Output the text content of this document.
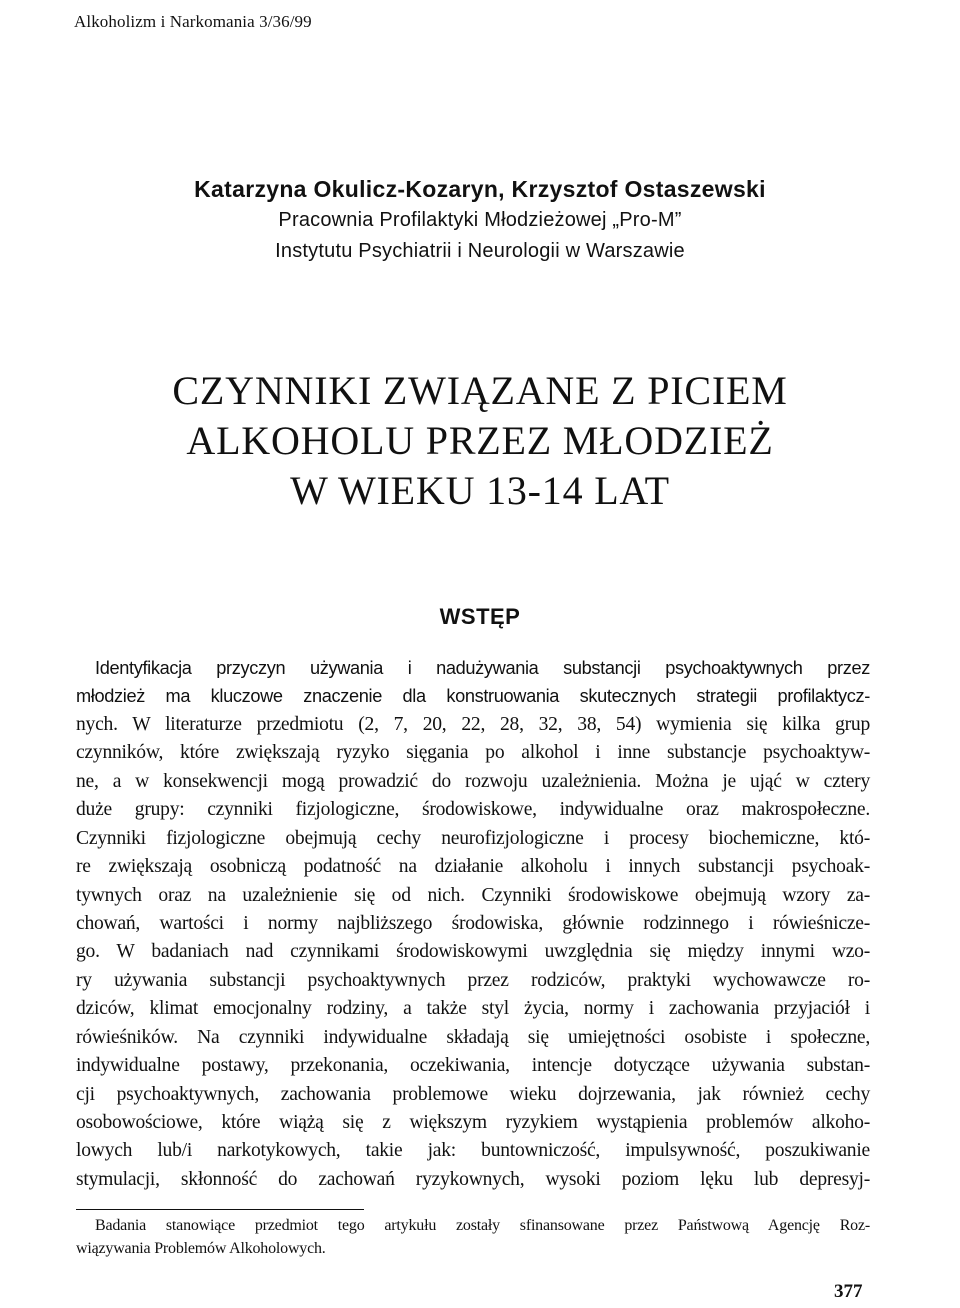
Alkoholizm i Narkomania 3/36/99
Katarzyna Okulicz-Kozaryn, Krzysztof Ostaszewski
Pracownia Profilaktyki Młodzieżowej „Pro-M”
Instytutu Psychiatrii i Neurologii w Warszawie
CZYNNIKI ZWIĄZANE Z PICIEM
ALKOHOLU PRZEZ MŁODZIEŻ
W WIEKU 13-14 LAT
WSTĘP
Identyfikacja przyczyn używania i nadużywania substancji psychoaktywnych przez
młodzież ma kluczowe znaczenie dla konstruowania skutecznych strategii profilaktycz-
nych. W literaturze przedmiotu (2, 7, 20, 22, 28, 32, 38, 54) wymienia się kilka grup
czynników, które zwiększają ryzyko sięgania po alkohol i inne substancje psychoaktyw-
ne, a w konsekwencji mogą prowadzić do rozwoju uzależnienia. Można je ująć w cztery
duże grupy: czynniki fizjologiczne, środowiskowe, indywidualne oraz makrospołeczne.
Czynniki fizjologiczne obejmują cechy neurofizjologiczne i procesy biochemiczne, któ-
re zwiększają osobniczą podatność na działanie alkoholu i innych substancji psychoak-
tywnych oraz na uzależnienie się od nich. Czynniki środowiskowe obejmują wzory za-
chowań, wartości i normy najbliższego środowiska, głównie rodzinnego i rówieśnicze-
go. W badaniach nad czynnikami środowiskowymi uwzględnia się między innymi wzo-
ry używania substancji psychoaktywnych przez rodziców, praktyki wychowawcze ro-
dziców, klimat emocjonalny rodziny, a także styl życia, normy i zachowania przyjaciół i
rówieśników. Na czynniki indywidualne składają się umiejętności osobiste i społeczne,
indywidualne postawy, przekonania, oczekiwania, intencje dotyczące używania substan-
cji psychoaktywnych, zachowania problemowe wieku dojrzewania, jak również cechy
osobowościowe, które wiążą się z większym ryzykiem wystąpienia problemów alkoho-
lowych lub/i narkotykowych, takie jak: buntowniczość, impulsywność, poszukiwanie
stymulacji, skłonność do zachowań ryzykownych, wysoki poziom lęku lub depresyj-
Badania stanowiące przedmiot tego artykułu zostały sfinansowane przez Państwową Agencję Roz-
wiązywania Problemów Alkoholowych.
377
